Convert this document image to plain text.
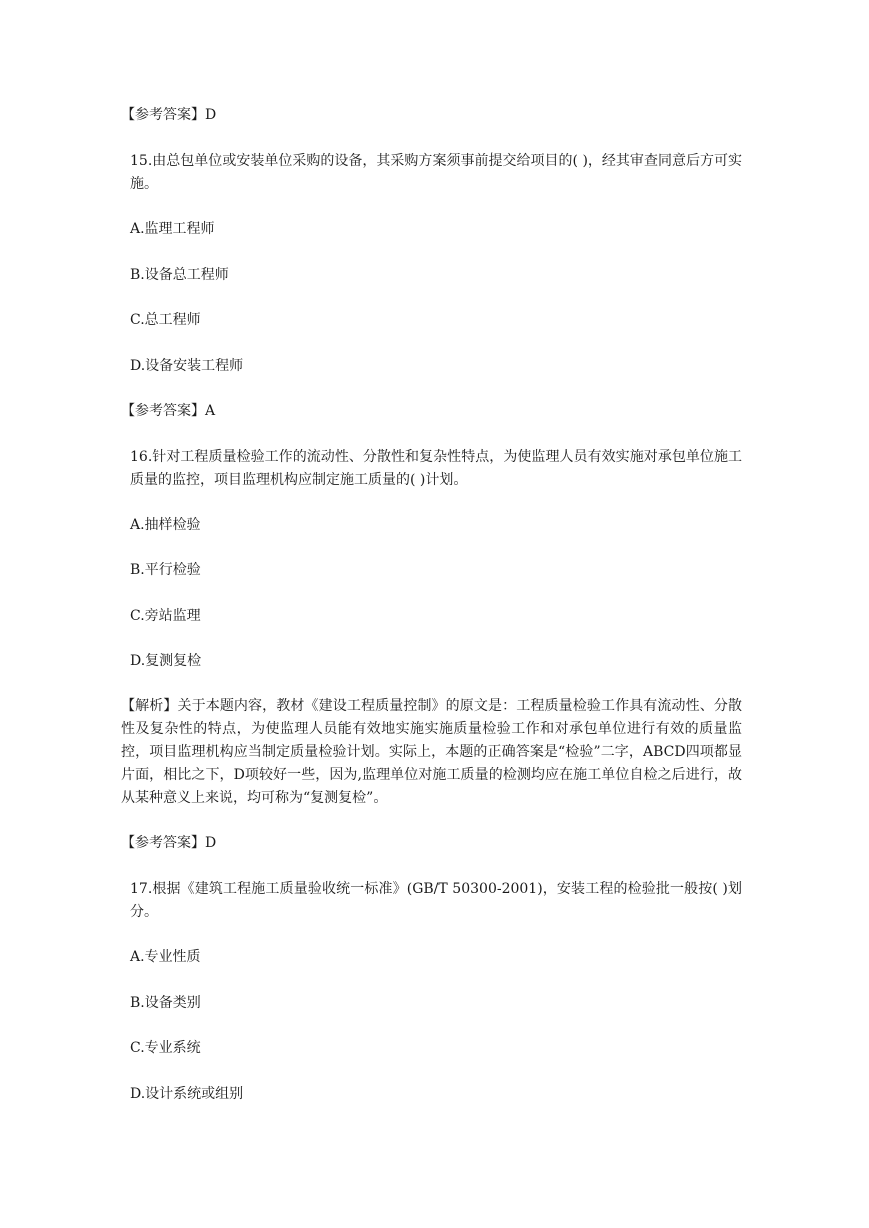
【参考答案】D

15.由总包单位或安装单位采购的设备，其采购方案须事前提交给项目的( )，经其审查同意后方可实施。

A.监理工程师

B.设备总工程师

C.总工程师

D.设备安装工程师

【参考答案】A

16.针对工程质量检验工作的流动性、分散性和复杂性特点，为使监理人员有效实施对承包单位施工质量的监控，项目监理机构应制定施工质量的( )计划。

A.抽样检验

B.平行检验

C.旁站监理

D.复测复检

【解析】关于本题内容，教材《建设工程质量控制》的原文是：工程质量检验工作具有流动性、分散性及复杂性的特点，为使监理人员能有效地实施实施质量检验工作和对承包单位进行有效的质量监控，项目监理机构应当制定质量检验计划。实际上，本题的正确答案是“检验”二字，ABCD四项都显片面，相比之下，D项较好一些，因为,监理单位对施工质量的检测均应在施工单位自检之后进行，故从某种意义上来说，均可称为“复测复检”。

【参考答案】D

17.根据《建筑工程施工质量验收统一标准》(GB/T 50300-2001)，安装工程的检验批一般按( )划分。

A.专业性质

B.设备类别

C.专业系统

D.设计系统或组别
